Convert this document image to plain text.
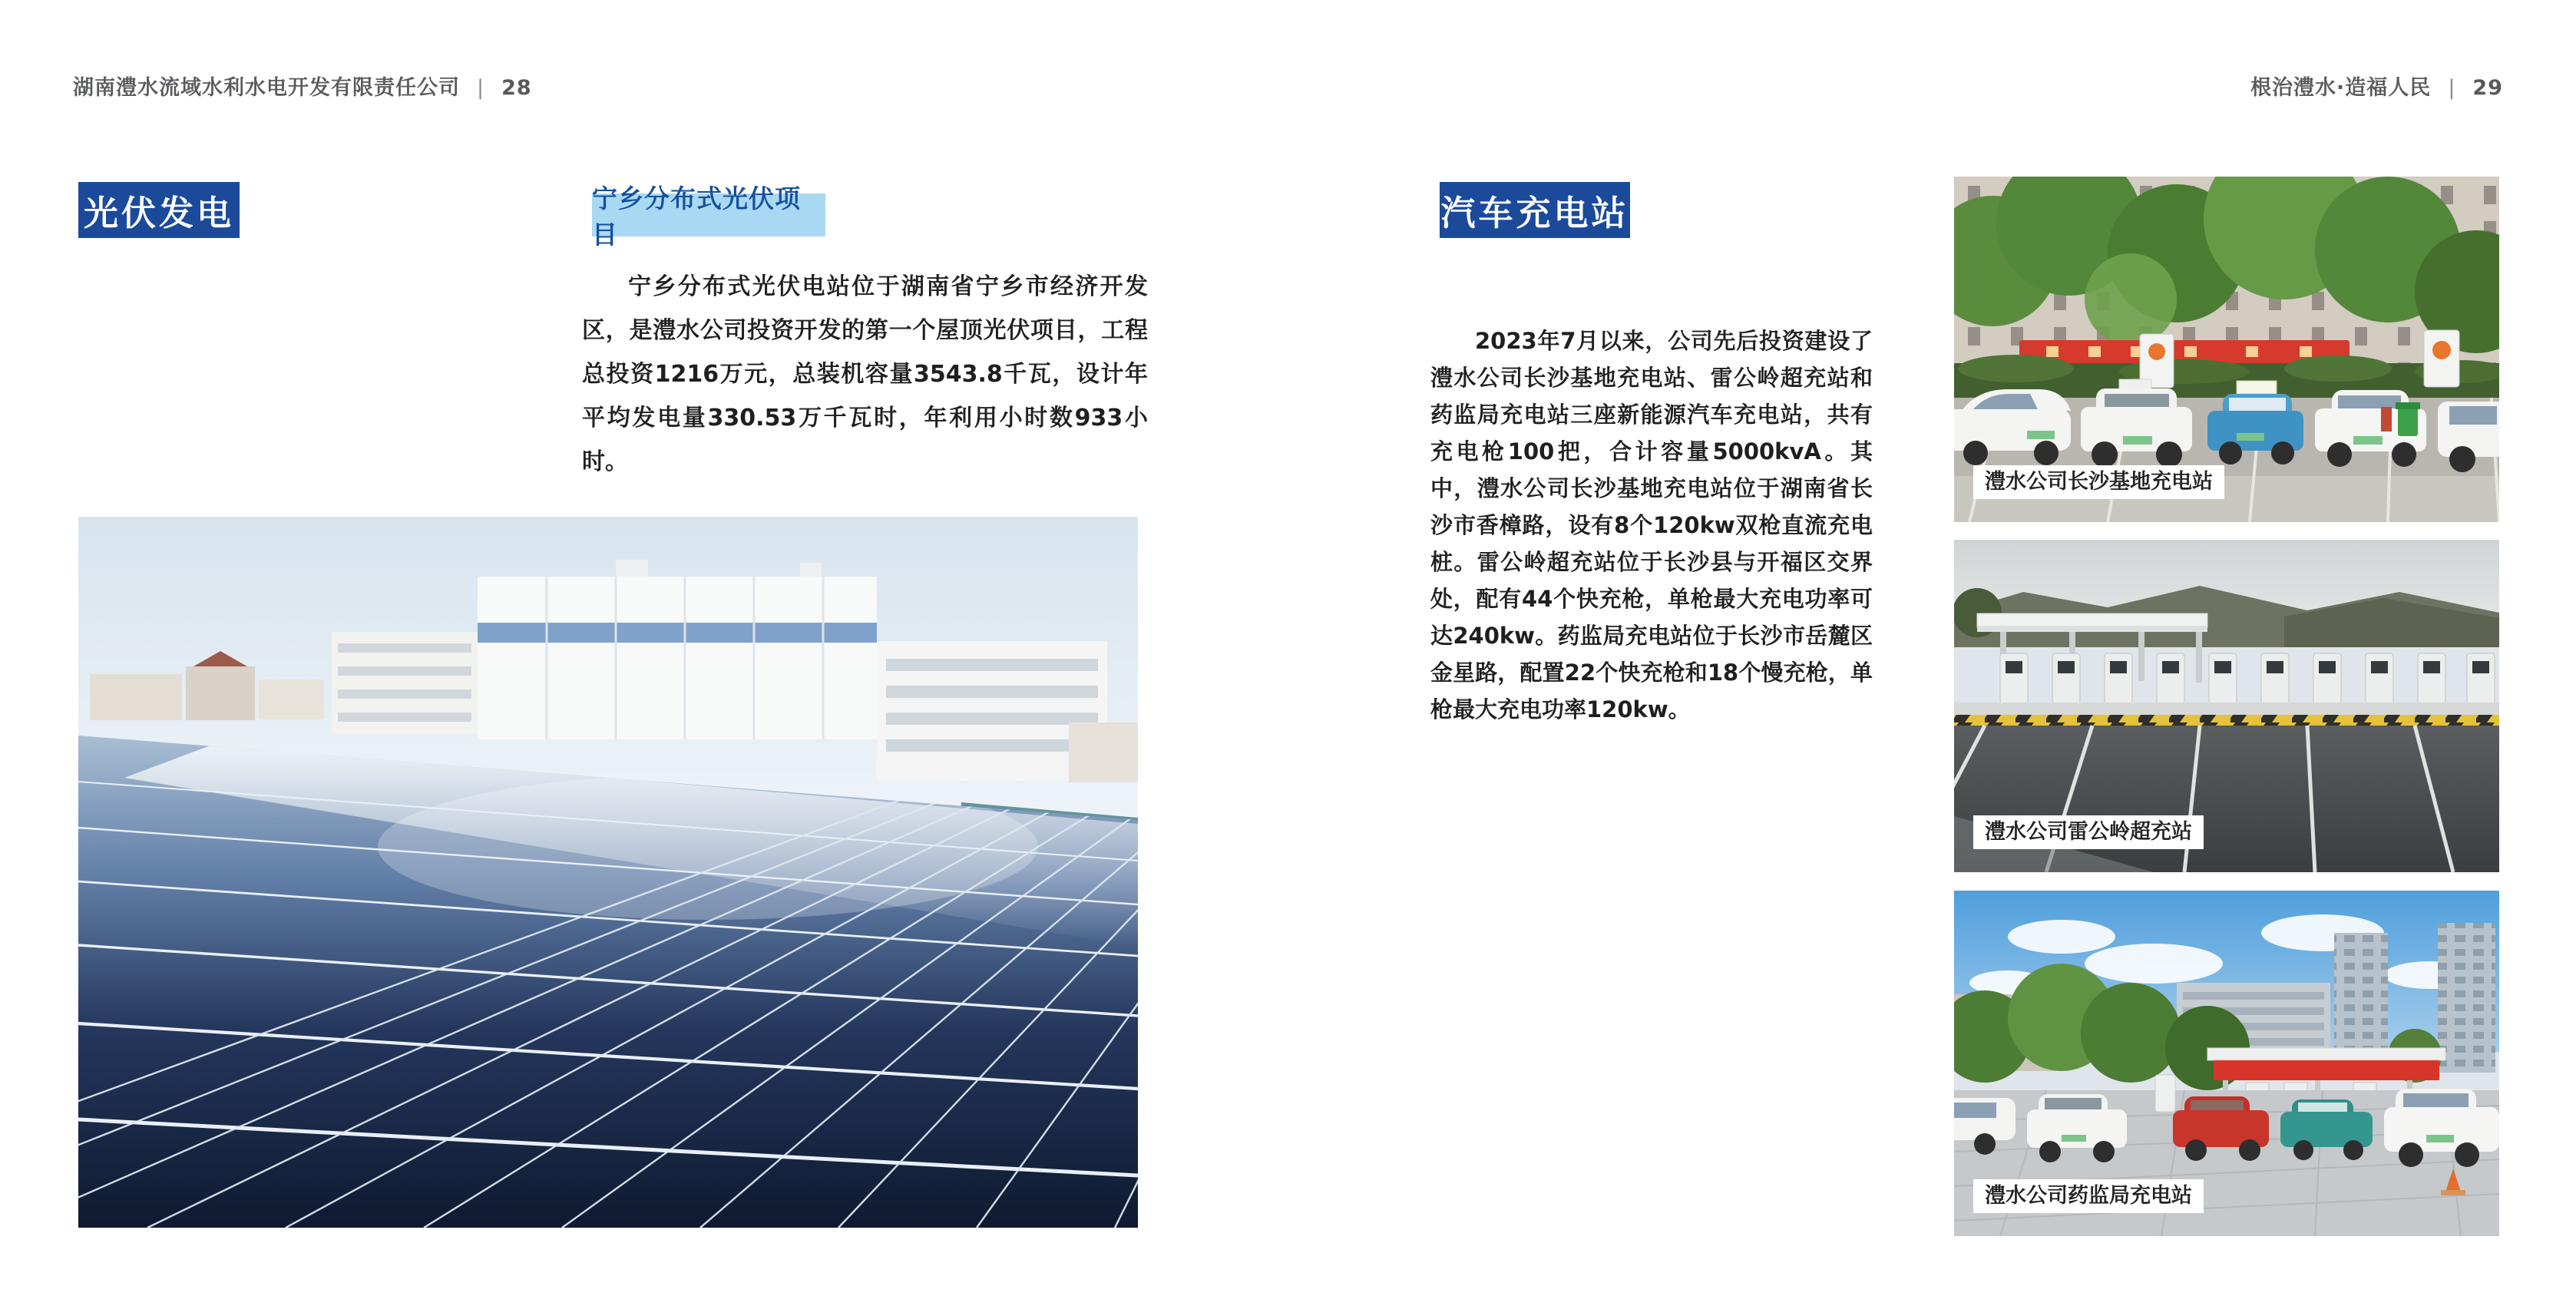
湖南澧水流域水利水电开发有限责任公司 | 28	根治澧水·造福人民 | 29
光伏发电	宁乡分布式光伏项目

宁乡分布式光伏电站位于湖南省宁乡市经济开发区，是澧水公司投资开发的第一个屋顶光伏项目，工程总投资1216万元，总装机容量3543.8千瓦，设计年平均发电量330.53万千瓦时，年利用小时数933小时。

汽车充电站

2023年7月以来，公司先后投资建设了澧水公司长沙基地充电站、雷公岭超充站和药监局充电站三座新能源汽车充电站，共有充电枪100把，合计容量5000kvA。其中，澧水公司长沙基地充电站位于湖南省长沙市香樟路，设有8个120kw双枪直流充电桩。雷公岭超充站位于长沙县与开福区交界处，配有44个快充枪，单枪最大充电功率可达240kw。药监局充电站位于长沙市岳麓区金星路，配置22个快充枪和18个慢充枪，单枪最大充电功率120kw。

澧水公司长沙基地充电站
澧水公司雷公岭超充站
澧水公司药监局充电站
